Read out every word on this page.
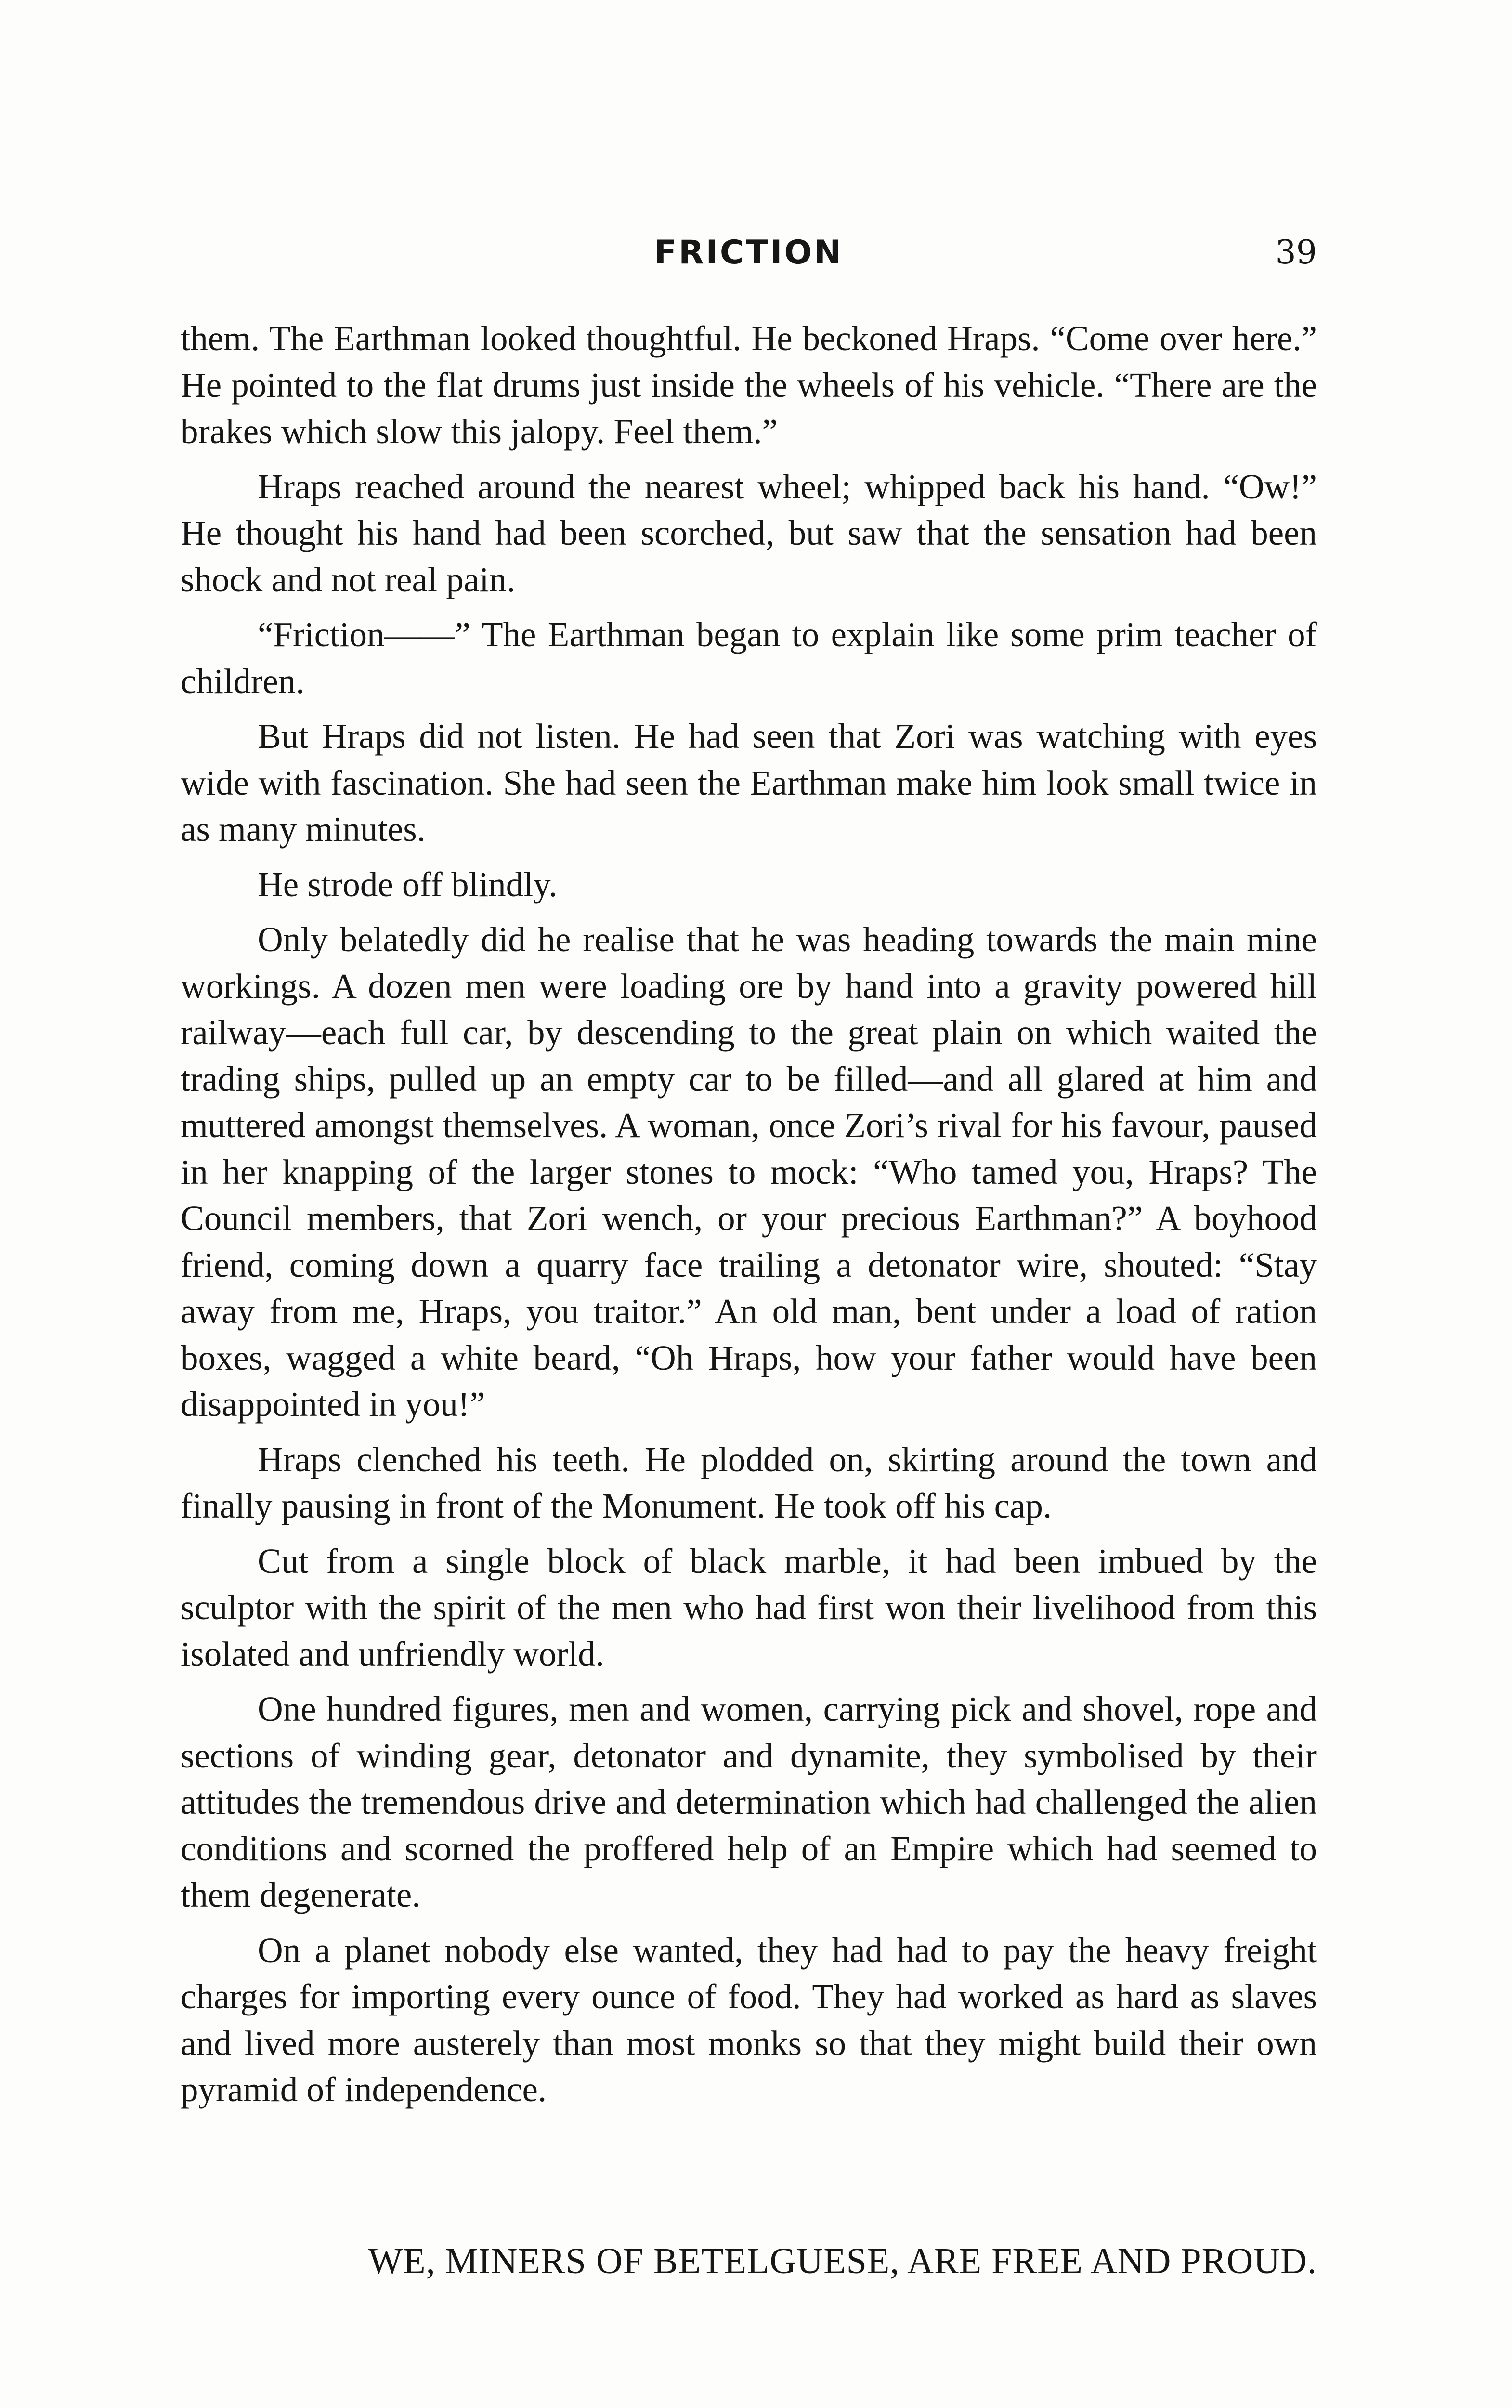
FRICTION	39

them. The Earthman looked thoughtful. He beckoned Hraps. “Come over here.” He pointed to the flat drums just inside the wheels of his vehicle. “There are the brakes which slow this jalopy. Feel them.”

Hraps reached around the nearest wheel; whipped back his hand. “Ow!” He thought his hand had been scorched, but saw that the sensation had been shock and not real pain.

“Friction——” The Earthman began to explain like some prim teacher of children.

But Hraps did not listen. He had seen that Zori was watching with eyes wide with fascination. She had seen the Earthman make him look small twice in as many minutes.

He strode off blindly.

Only belatedly did he realise that he was heading towards the main mine workings. A dozen men were loading ore by hand into a gravity powered hill railway—each full car, by descending to the great plain on which waited the trading ships, pulled up an empty car to be filled—and all glared at him and muttered amongst themselves. A woman, once Zori’s rival for his favour, paused in her knapping of the larger stones to mock: “Who tamed you, Hraps? The Council members, that Zori wench, or your precious Earthman?” A boyhood friend, coming down a quarry face trailing a detonator wire, shouted: “Stay away from me, Hraps, you traitor.” An old man, bent under a load of ration boxes, wagged a white beard, “Oh Hraps, how your father would have been disappointed in you!”

Hraps clenched his teeth. He plodded on, skirting around the town and finally pausing in front of the Monument. He took off his cap.

Cut from a single block of black marble, it had been imbued by the sculptor with the spirit of the men who had first won their livelihood from this isolated and unfriendly world.

One hundred figures, men and women, carrying pick and shovel, rope and sections of winding gear, detonator and dynamite, they symbolised by their attitudes the tremendous drive and determination which had challenged the alien conditions and scorned the proffered help of an Empire which had seemed to them degenerate.

On a planet nobody else wanted, they had had to pay the heavy freight charges for importing every ounce of food. They had worked as hard as slaves and lived more austerely than most monks so that they might build their own pyramid of independence.

WE, MINERS OF BETELGUESE, ARE FREE AND PROUD.
